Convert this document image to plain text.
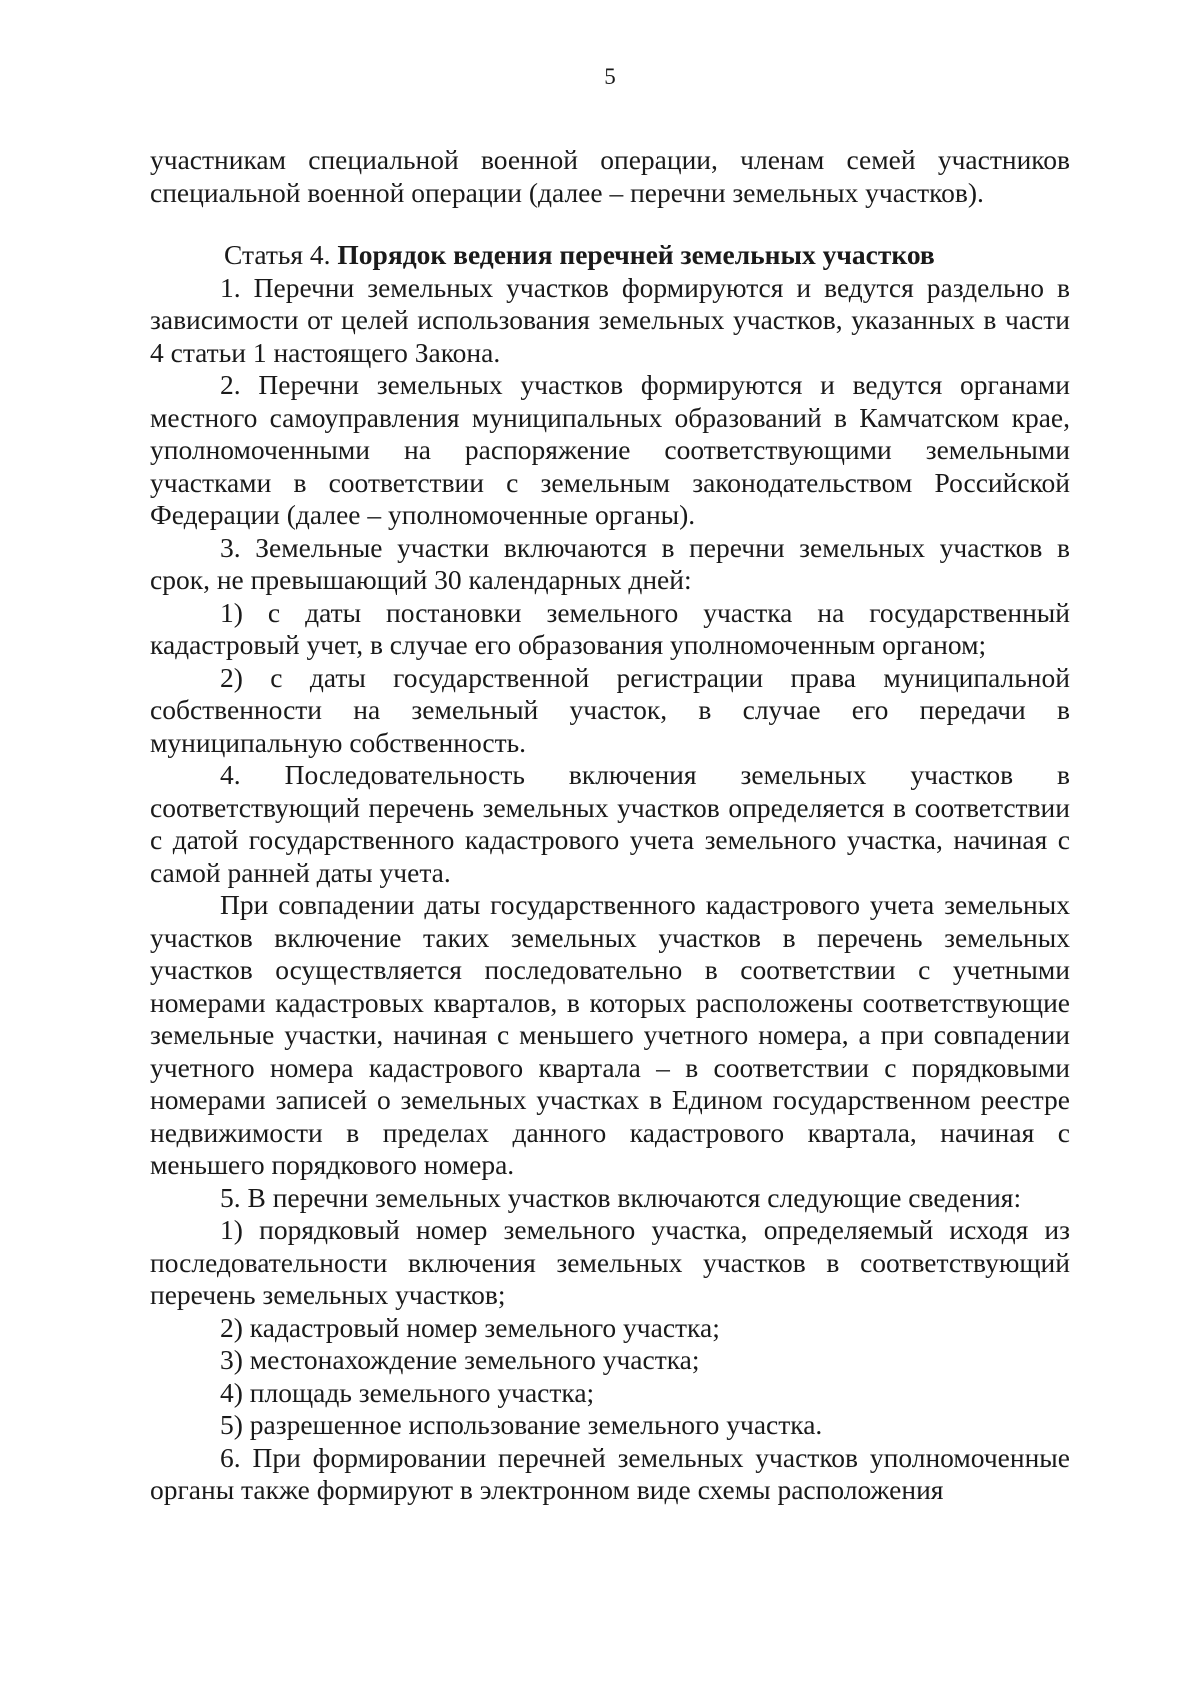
5

участникам специальной военной операции, членам семей участников специальной военной операции (далее – перечни земельных участков).

Статья 4. Порядок ведения перечней земельных участков

1. Перечни земельных участков формируются и ведутся раздельно в зависимости от целей использования земельных участков, указанных в части 4 статьи 1 настоящего Закона.

2. Перечни земельных участков формируются и ведутся органами местного самоуправления муниципальных образований в Камчатском крае, уполномоченными на распоряжение соответствующими земельными участками в соответствии с земельным законодательством Российской Федерации (далее – уполномоченные органы).

3. Земельные участки включаются в перечни земельных участков в срок, не превышающий 30 календарных дней:

1) с даты постановки земельного участка на государственный кадастровый учет, в случае его образования уполномоченным органом;

2) с даты государственной регистрации права муниципальной собственности на земельный участок, в случае его передачи в муниципальную собственность.

4. Последовательность включения земельных участков в соответствующий перечень земельных участков определяется в соответствии с датой государственного кадастрового учета земельного участка, начиная с самой ранней даты учета.

При совпадении даты государственного кадастрового учета земельных участков включение таких земельных участков в перечень земельных участков осуществляется последовательно в соответствии с учетными номерами кадастровых кварталов, в которых расположены соответствующие земельные участки, начиная с меньшего учетного номера, а при совпадении учетного номера кадастрового квартала – в соответствии с порядковыми номерами записей о земельных участках в Едином государственном реестре недвижимости в пределах данного кадастрового квартала, начиная с меньшего порядкового номера.

5. В перечни земельных участков включаются следующие сведения:

1) порядковый номер земельного участка, определяемый исходя из последовательности включения земельных участков в соответствующий перечень земельных участков;

2) кадастровый номер земельного участка;

3) местонахождение земельного участка;

4) площадь земельного участка;

5) разрешенное использование земельного участка.

6. При формировании перечней земельных участков уполномоченные органы также формируют в электронном виде схемы расположения
